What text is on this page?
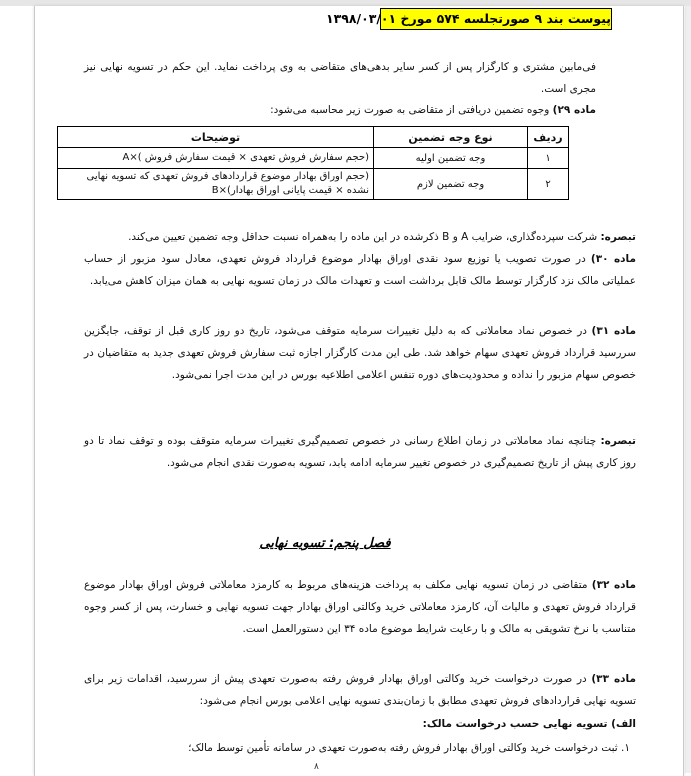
پیوست بند ۹ صورتجلسه ۵۷۴ مورخ ۱۳۹۸/۰۳/۰۱

فی‌مابین مشتری و کارگزار پس از کسر سایر بدهی‌های متقاضی به وی پرداخت نماید. این حکم در تسویه نهایی نیز مجری است.

ماده ۲۹) وجوه تضمین دریافتی از متقاضی به صورت زیر محاسبه می‌شود:

ردیف	نوع وجه تضمین	توضیحات
۱	وجه تضمین اولیه	(حجم سفارش فروش تعهدی × قیمت سفارش فروش )×A
۲	وجه تضمین لازم	(حجم اوراق بهادار موضوع قراردادهای فروش تعهدی که تسویه نهایی نشده × قیمت پایانی اوراق بهادار)×B

تبصره: شرکت سپرده‌گذاری، ضرایب A و B ذکرشده در این ماده را به‌همراه نسبت حداقل وجه تضمین تعیین می‌کند.

ماده ۳۰) در صورت تصویب یا توزیع سود نقدی اوراق بهادار موضوع قرارداد فروش تعهدی، معادل سود مزبور از حساب عملیاتی مالک نزد کارگزار توسط مالک قابل برداشت است و تعهدات مالک در زمان تسویه نهایی به همان میزان کاهش می‌یابد.

ماده ۳۱) در خصوص نماد معاملاتی که به دلیل تغییرات سرمایه متوقف می‌شود، تاریخ دو روز کاری قبل از توقف، جایگزین سررسید قرارداد فروش تعهدی سهام خواهد شد. طی این مدت کارگزار اجازه ثبت سفارش فروش تعهدی جدید به متقاضیان در خصوص سهام مزبور را نداده و محدودیت‌های دوره تنفس اعلامی اطلاعیه بورس در این مدت اجرا نمی‌شود.

تبصره: چنانچه نماد معاملاتی در زمان اطلاع رسانی در خصوص تصمیم‌گیری تغییرات سرمایه متوقف بوده و توقف نماد تا دو روز کاری پیش از تاریخ تصمیم‌گیری در خصوص تغییر سرمایه ادامه یابد، تسویه به‌صورت نقدی انجام می‌شود.

فصل پنجم: تسویه نهایی

ماده ۳۲) متقاضی در زمان تسویه نهایی مکلف به پرداخت هزینه‌های مربوط به کارمزد معاملاتی فروش اوراق بهادار موضوع قرارداد فروش تعهدی و مالیات آن، کارمزد معاملاتی خرید وکالتی اوراق بهادار جهت تسویه نهایی و خسارت، پس از کسر وجوه متناسب با نرخ تشویقی به مالک و با رعایت شرایط موضوع ماده ۳۴ این دستورالعمل است.

ماده ۳۳) در صورت درخواست خرید وکالتی اوراق بهادار فروش رفته به‌صورت تعهدی پیش از سررسید، اقدامات زیر برای تسویه نهایی قراردادهای فروش تعهدی مطابق با زمان‌بندی تسویه نهایی اعلامی بورس انجام می‌شود:

الف) تسویه نهایی حسب درخواست مالک:

۱. ثبت درخواست خرید وکالتی اوراق بهادار فروش رفته به‌صورت تعهدی در سامانه تأمین توسط مالک؛

۸
